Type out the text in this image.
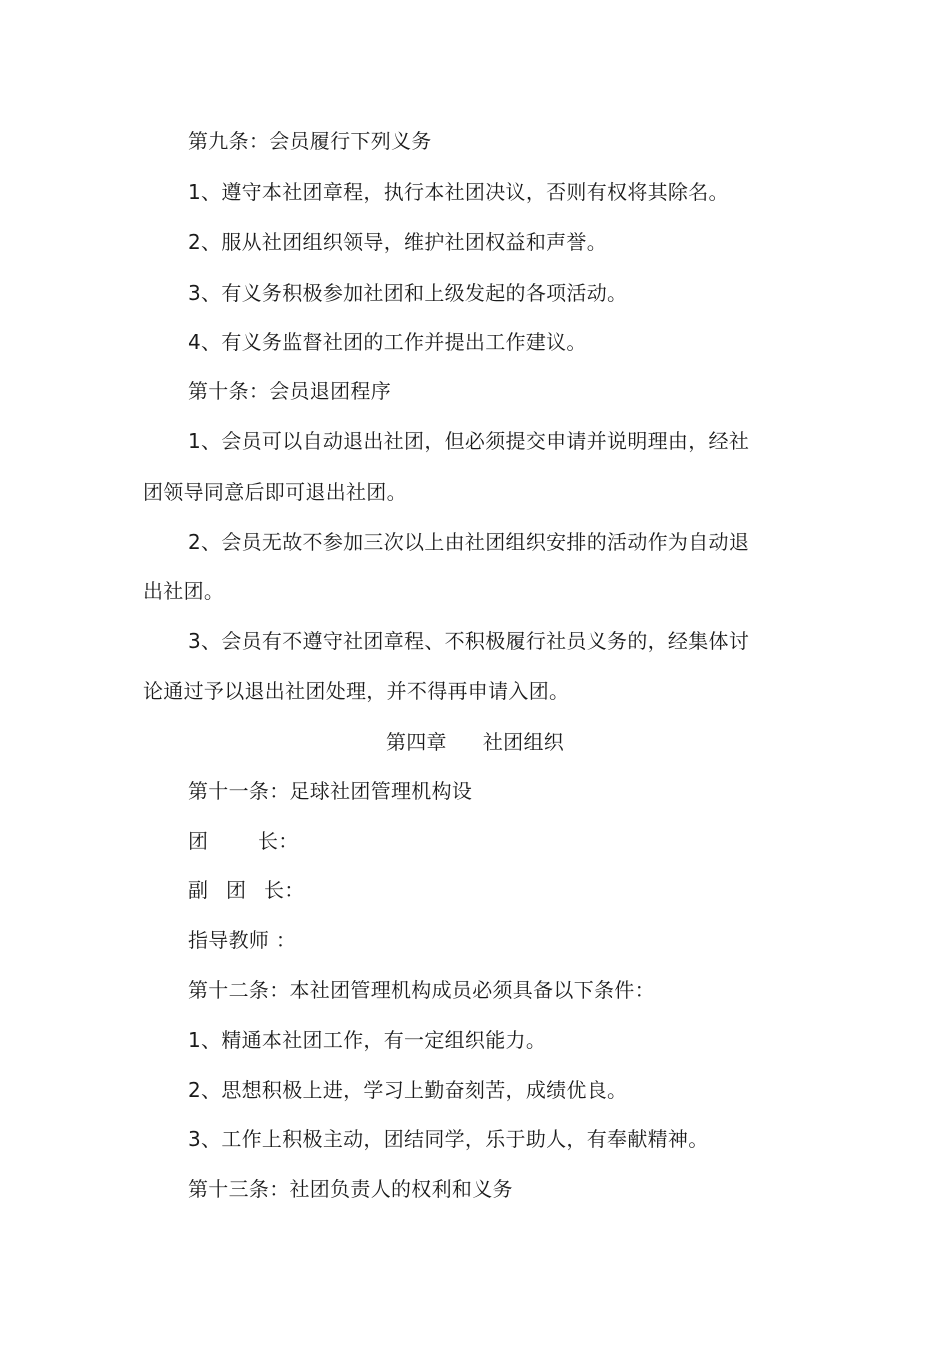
第九条：会员履行下列义务
1、遵守本社团章程，执行本社团决议，否则有权将其除名。
2、服从社团组织领导，维护社团权益和声誉。
3、有义务积极参加社团和上级发起的各项活动。
4、有义务监督社团的工作并提出工作建议。
第十条：会员退团程序
1、会员可以自动退出社团，但必须提交申请并说明理由，经社
团领导同意后即可退出社团。
2、会员无故不参加三次以上由社团组织安排的活动作为自动退
出社团。
3、会员有不遵守社团章程、不积极履行社员义务的，经集体讨
论通过予以退出社团处理，并不得再申请入团。
第四章 社团组织
第十一条：足球社团管理机构设
团 长：
副 团 长：
指导教师 ：
第十二条：本社团管理机构成员必须具备以下条件：
1、精通本社团工作，有一定组织能力。
2、思想积极上进，学习上勤奋刻苦，成绩优良。
3、工作上积极主动，团结同学，乐于助人，有奉献精神。
第十三条：社团负责人的权利和义务
